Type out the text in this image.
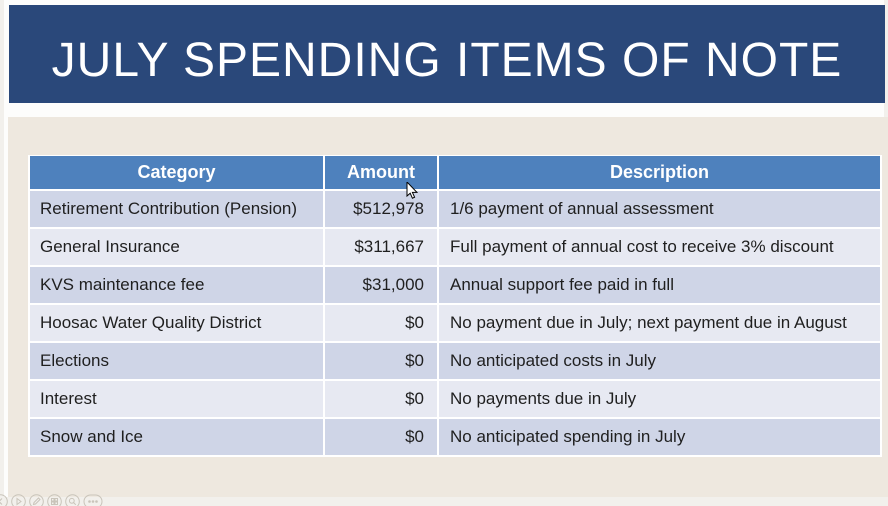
JULY SPENDING ITEMS OF NOTE
Category	Amount	Description
Retirement Contribution (Pension)	$512,978	1/6 payment of annual assessment
General Insurance	$311,667	Full payment of annual cost to receive 3% discount
KVS maintenance fee	$31,000	Annual support fee paid in full
Hoosac Water Quality District	$0	No payment due in July; next payment due in August
Elections	$0	No anticipated costs in July
Interest	$0	No payments due in July
Snow and Ice	$0	No anticipated spending in July
